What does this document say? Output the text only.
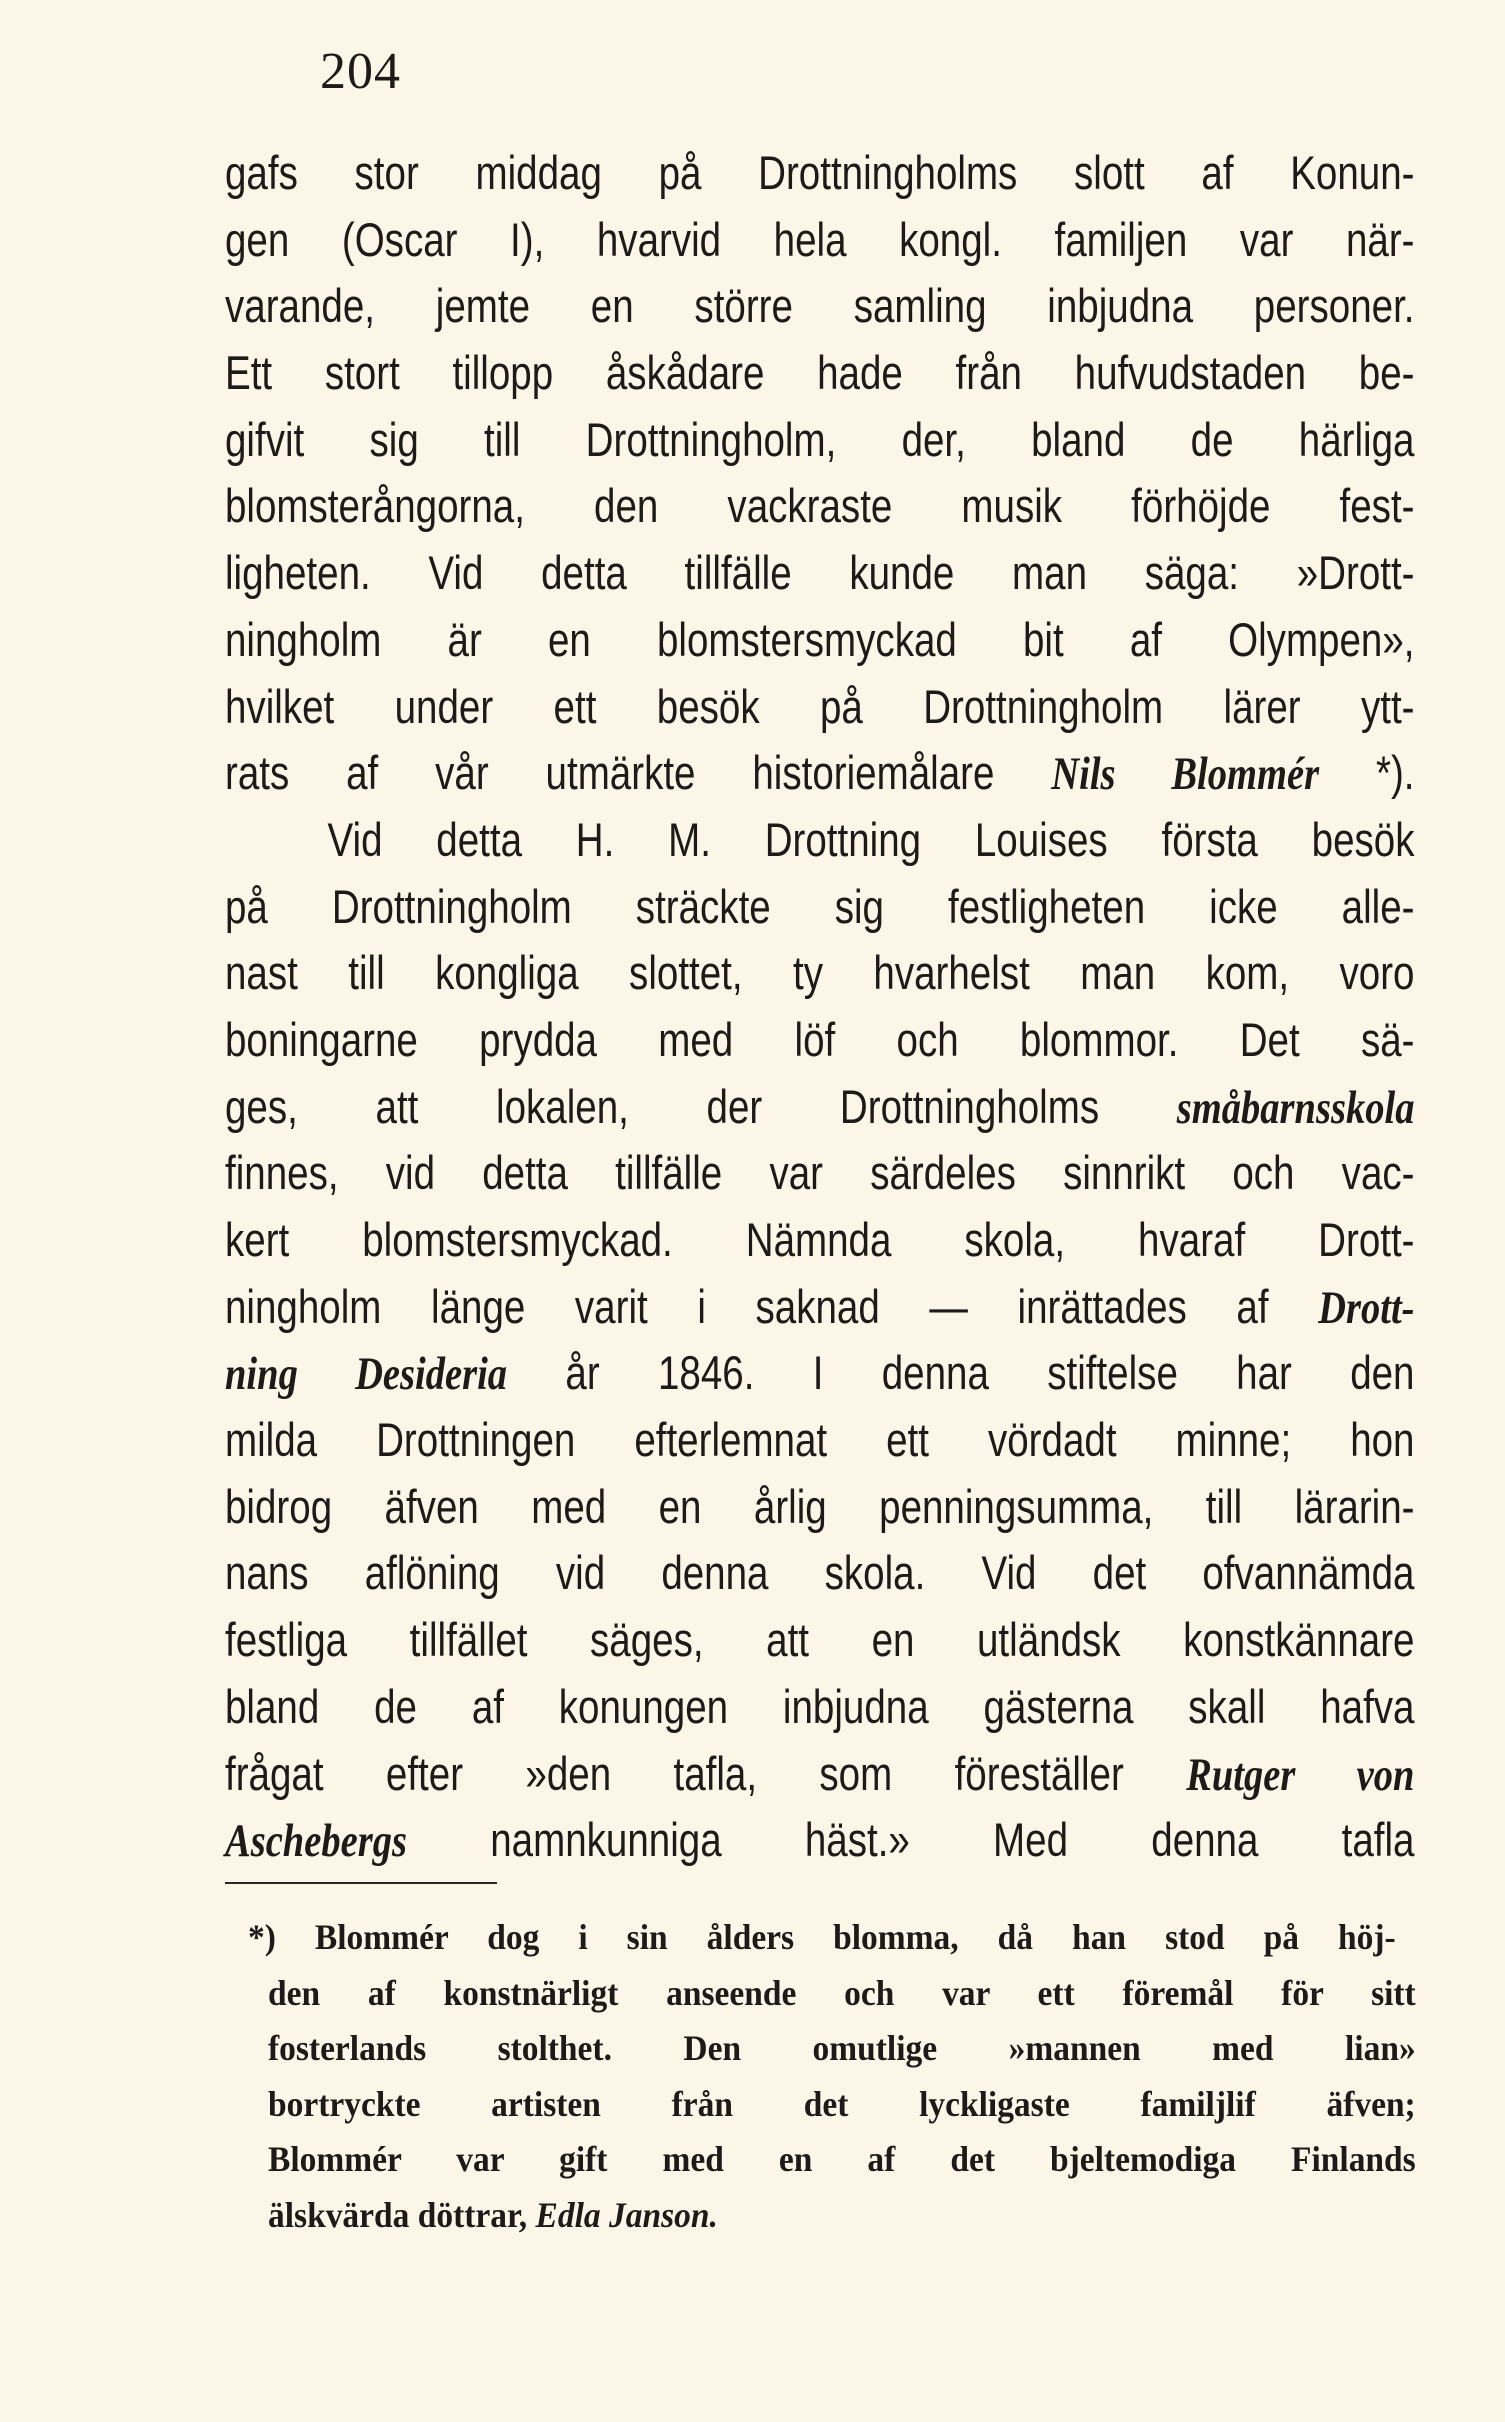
204
gafs stor middag på Drottningholms slott af Konun-
gen (Oscar I), hvarvid hela kongl. familjen var när-
varande, jemte en större samling inbjudna personer.
Ett stort tillopp åskådare hade från hufvudstaden be-
gifvit sig till Drottningholm, der, bland de härliga
blomsterångorna, den vackraste musik förhöjde fest-
ligheten. Vid detta tillfälle kunde man säga: »Drott-
ningholm är en blomstersmyckad bit af Olympen»,
hvilket under ett besök på Drottningholm lärer ytt-
rats af vår utmärkte historiemålare Nils Blommér *).
Vid detta H. M. Drottning Louises första besök
på Drottningholm sträckte sig festligheten icke alle-
nast till kongliga slottet, ty hvarhelst man kom, voro
boningarne prydda med löf och blommor. Det sä-
ges, att lokalen, der Drottningholms småbarnsskola
finnes, vid detta tillfälle var särdeles sinnrikt och vac-
kert blomstersmyckad. Nämnda skola, hvaraf Drott-
ningholm länge varit i saknad — inrättades af Drott-
ning Desideria år 1846. I denna stiftelse har den
milda Drottningen efterlemnat ett vördadt minne; hon
bidrog äfven med en årlig penningsumma, till lärarin-
nans aflöning vid denna skola. Vid det ofvannämda
festliga tillfället säges, att en utländsk konstkännare
bland de af konungen inbjudna gästerna skall hafva
frågat efter »den tafla, som föreställer Rutger von
Aschebergs namnkunniga häst.» Med denna tafla
*) Blommér dog i sin ålders blomma, då han stod på höj-
den af konstnärligt anseende och var ett föremål för sitt
fosterlands stolthet. Den omutlige »mannen med lian»
bortryckte artisten från det lyckligaste familjlif äfven;
Blommér var gift med en af det bjeltemodiga Finlands
älskvärda döttrar, Edla Janson.
